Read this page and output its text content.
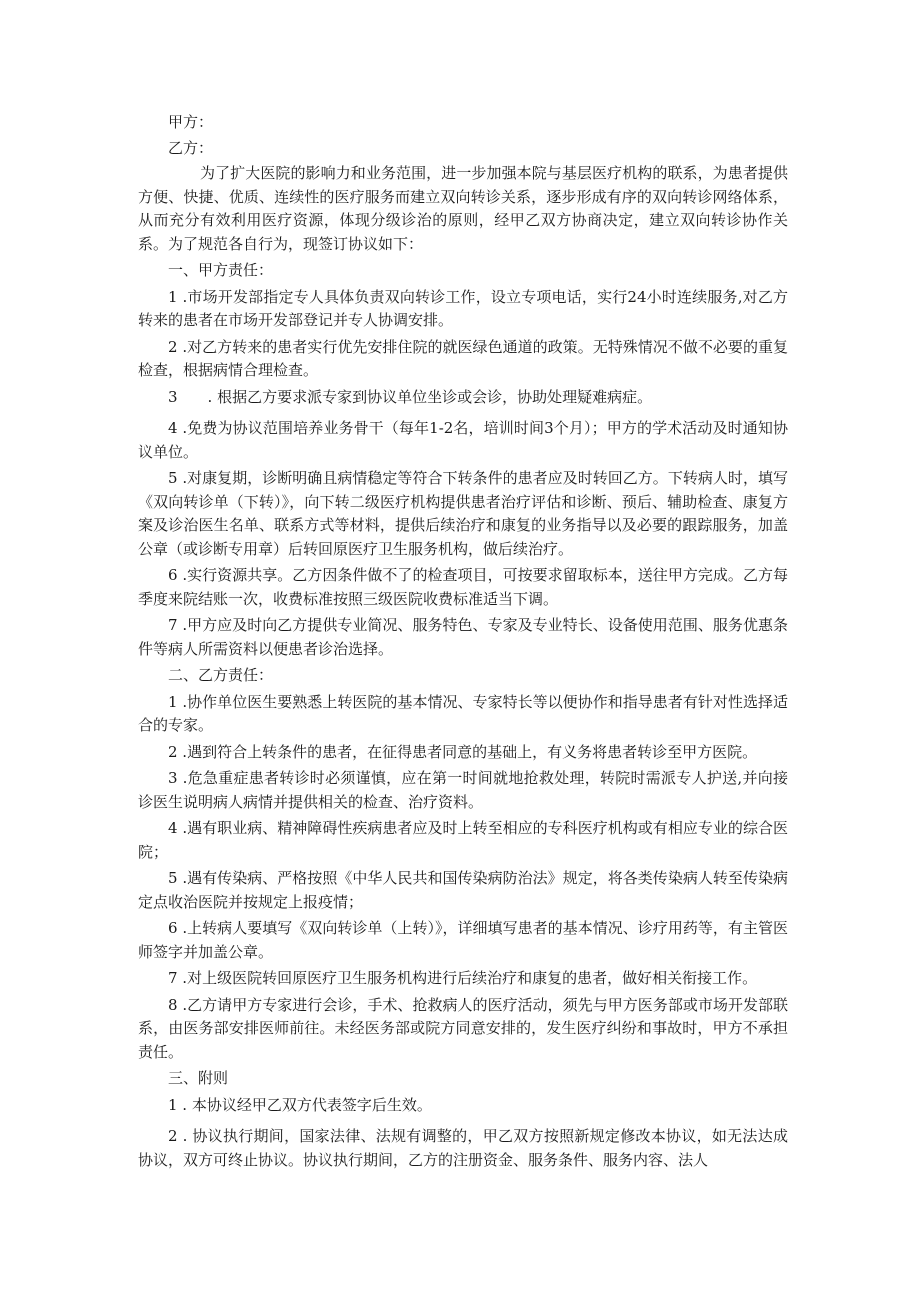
甲方：

乙方：

为了扩大医院的影响力和业务范围，进一步加强本院与基层医疗机构的联系，为患者提供方便、快捷、优质、连续性的医疗服务而建立双向转诊关系，逐步形成有序的双向转诊网络体系，从而充分有效利用医疗资源，体现分级诊治的原则，经甲乙双方协商决定，建立双向转诊协作关系。为了规范各自行为，现签订协议如下：

一、甲方责任：

1 .市场开发部指定专人具体负责双向转诊工作，设立专项电话，实行24小时连续服务,对乙方转来的患者在市场开发部登记并专人协调安排。

2 .对乙方转来的患者实行优先安排住院的就医绿色通道的政策。无特殊情况不做不必要的重复检查，根据病情合理检查。

3　　. 根据乙方要求派专家到协议单位坐诊或会诊，协助处理疑难病症。

4 .免费为协议范围培养业务骨干（每年1-2名，培训时间3个月）；甲方的学术活动及时通知协议单位。

5 .对康复期，诊断明确且病情稳定等符合下转条件的患者应及时转回乙方。下转病人时，填写《双向转诊单（下转）》，向下转二级医疗机构提供患者治疗评估和诊断、预后、辅助检查、康复方案及诊治医生名单、联系方式等材料，提供后续治疗和康复的业务指导以及必要的跟踪服务，加盖公章（或诊断专用章）后转回原医疗卫生服务机构，做后续治疗。

6 .实行资源共享。乙方因条件做不了的检查项目，可按要求留取标本，送往甲方完成。乙方每季度来院结账一次，收费标准按照三级医院收费标准适当下调。

7 .甲方应及时向乙方提供专业简况、服务特色、专家及专业特长、设备使用范围、服务优惠条件等病人所需资料以便患者诊治选择。

二、乙方责任：

1 .协作单位医生要熟悉上转医院的基本情况、专家特长等以便协作和指导患者有针对性选择适合的专家。

2 .遇到符合上转条件的患者，在征得患者同意的基础上，有义务将患者转诊至甲方医院。

3 .危急重症患者转诊时必须谨慎，应在第一时间就地抢救处理，转院时需派专人护送,并向接诊医生说明病人病情并提供相关的检查、治疗资料。

4 .遇有职业病、精神障碍性疾病患者应及时上转至相应的专科医疗机构或有相应专业的综合医院；

5 .遇有传染病、严格按照《中华人民共和国传染病防治法》规定，将各类传染病人转至传染病定点收治医院并按规定上报疫情；

6 .上转病人要填写《双向转诊单（上转）》，详细填写患者的基本情况、诊疗用药等，有主管医师签字并加盖公章。

7 .对上级医院转回原医疗卫生服务机构进行后续治疗和康复的患者，做好相关衔接工作。

8 .乙方请甲方专家进行会诊，手术、抢救病人的医疗活动，须先与甲方医务部或市场开发部联系，由医务部安排医师前往。未经医务部或院方同意安排的，发生医疗纠纷和事故时，甲方不承担责任。

三、附则

1 . 本协议经甲乙双方代表签字后生效。

2 . 协议执行期间，国家法律、法规有调整的，甲乙双方按照新规定修改本协议，如无法达成协议，双方可终止协议。协议执行期间，乙方的注册资金、服务条件、服务内容、法人
